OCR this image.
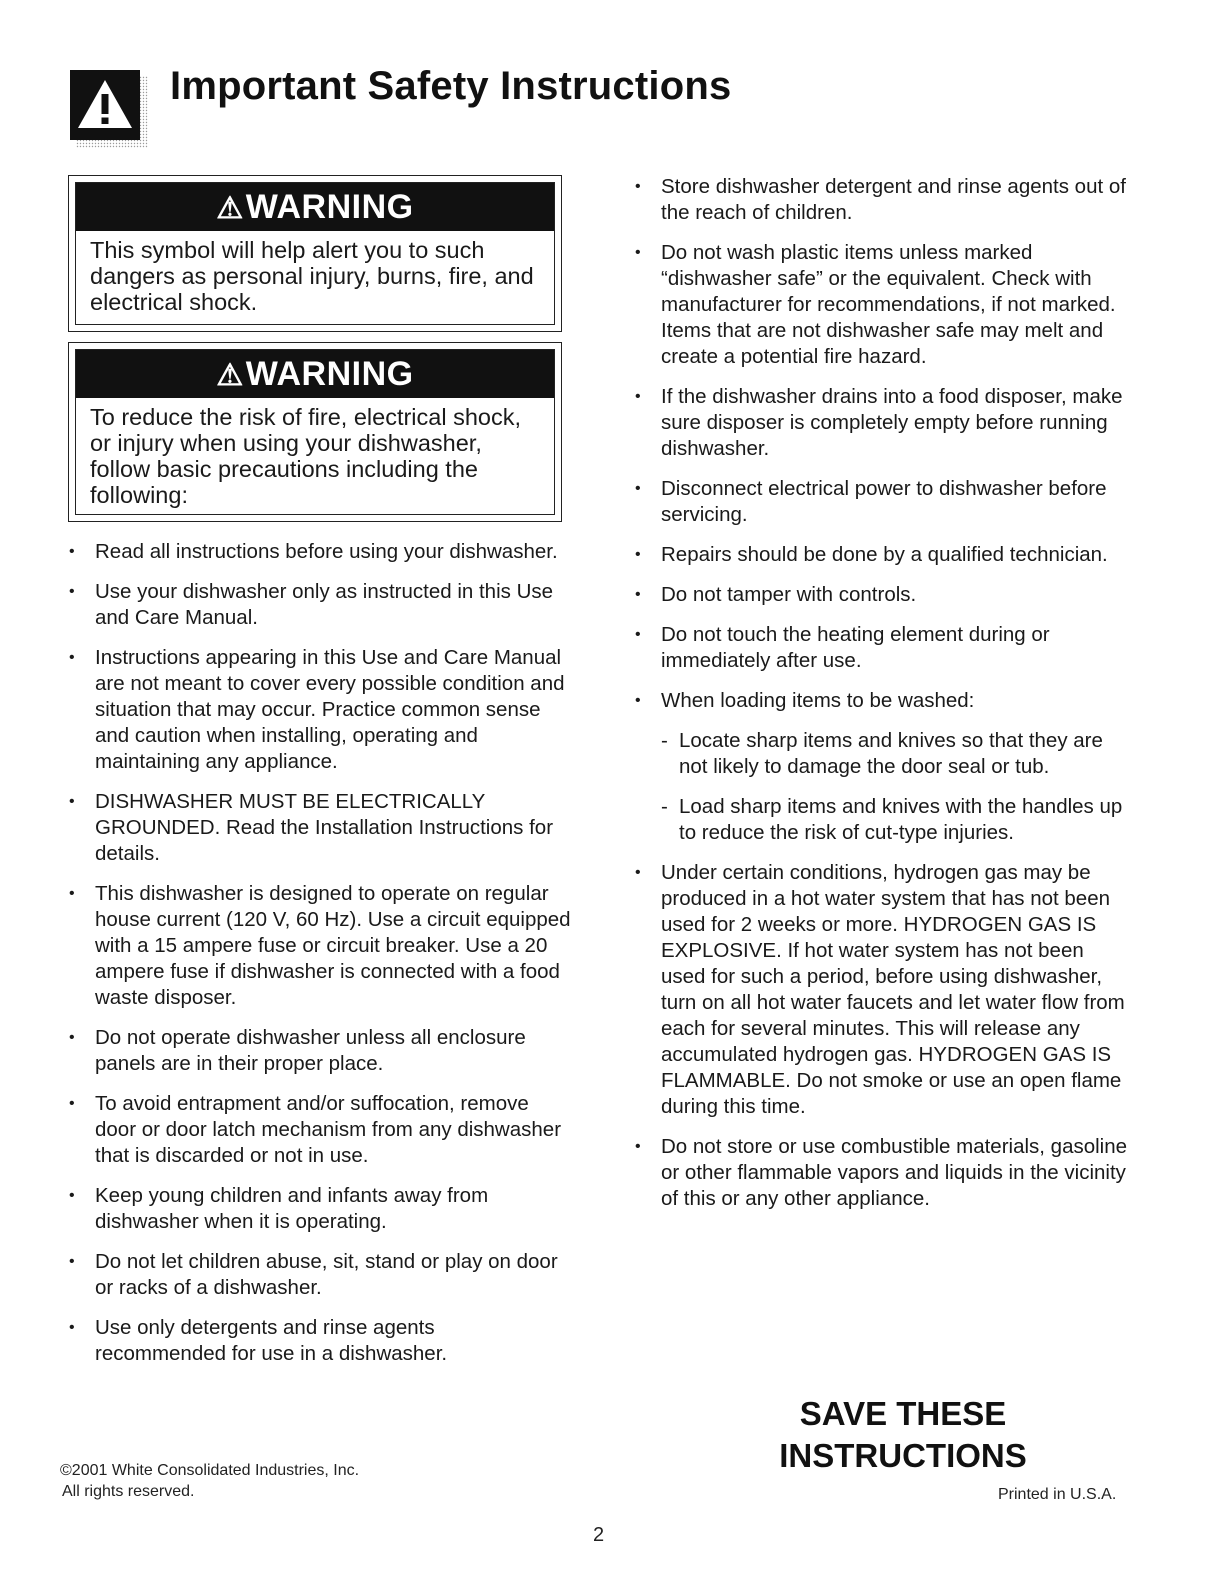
Important Safety Instructions
⚠WARNING
This symbol will help alert you to such dangers as personal injury, burns, fire, and electrical shock.
⚠WARNING
To reduce the risk of fire, electrical shock, or injury when using your dishwasher, follow basic precautions including the following:
• Read all instructions before using your dishwasher.
• Use your dishwasher only as instructed in this Use and Care Manual.
• Instructions appearing in this Use and Care Manual are not meant to cover every possible condition and situation that may occur. Practice common sense and caution when installing, operating and maintaining any appliance.
• DISHWASHER MUST BE ELECTRICALLY GROUNDED. Read the Installation Instructions for details.
• This dishwasher is designed to operate on regular house current (120 V, 60 Hz). Use a circuit equipped with a 15 ampere fuse or circuit breaker. Use a 20 ampere fuse if dishwasher is connected with a food waste disposer.
• Do not operate dishwasher unless all enclosure panels are in their proper place.
• To avoid entrapment and/or suffocation, remove door or door latch mechanism from any dishwasher that is discarded or not in use.
• Keep young children and infants away from dishwasher when it is operating.
• Do not let children abuse, sit, stand or play on door or racks of a dishwasher.
• Use only detergents and rinse agents recommended for use in a dishwasher.
• Store dishwasher detergent and rinse agents out of the reach of children.
• Do not wash plastic items unless marked “dishwasher safe” or the equivalent. Check with manufacturer for recommendations, if not marked. Items that are not dishwasher safe may melt and create a potential fire hazard.
• If the dishwasher drains into a food disposer, make sure disposer is completely empty before running dishwasher.
• Disconnect electrical power to dishwasher before servicing.
• Repairs should be done by a qualified technician.
• Do not tamper with controls.
• Do not touch the heating element during or immediately after use.
• When loading items to be washed:
- Locate sharp items and knives so that they are not likely to damage the door seal or tub.
- Load sharp items and knives with the handles up to reduce the risk of cut-type injuries.
• Under certain conditions, hydrogen gas may be produced in a hot water system that has not been used for 2 weeks or more. HYDROGEN GAS IS EXPLOSIVE. If hot water system has not been used for such a period, before using dishwasher, turn on all hot water faucets and let water flow from each for several minutes. This will release any accumulated hydrogen gas. HYDROGEN GAS IS FLAMMABLE. Do not smoke or use an open flame during this time.
• Do not store or use combustible materials, gasoline or other flammable vapors and liquids in the vicinity of this or any other appliance.
SAVE THESE
INSTRUCTIONS
©2001 White Consolidated Industries, Inc.
All rights reserved.	Printed in U.S.A.
2
